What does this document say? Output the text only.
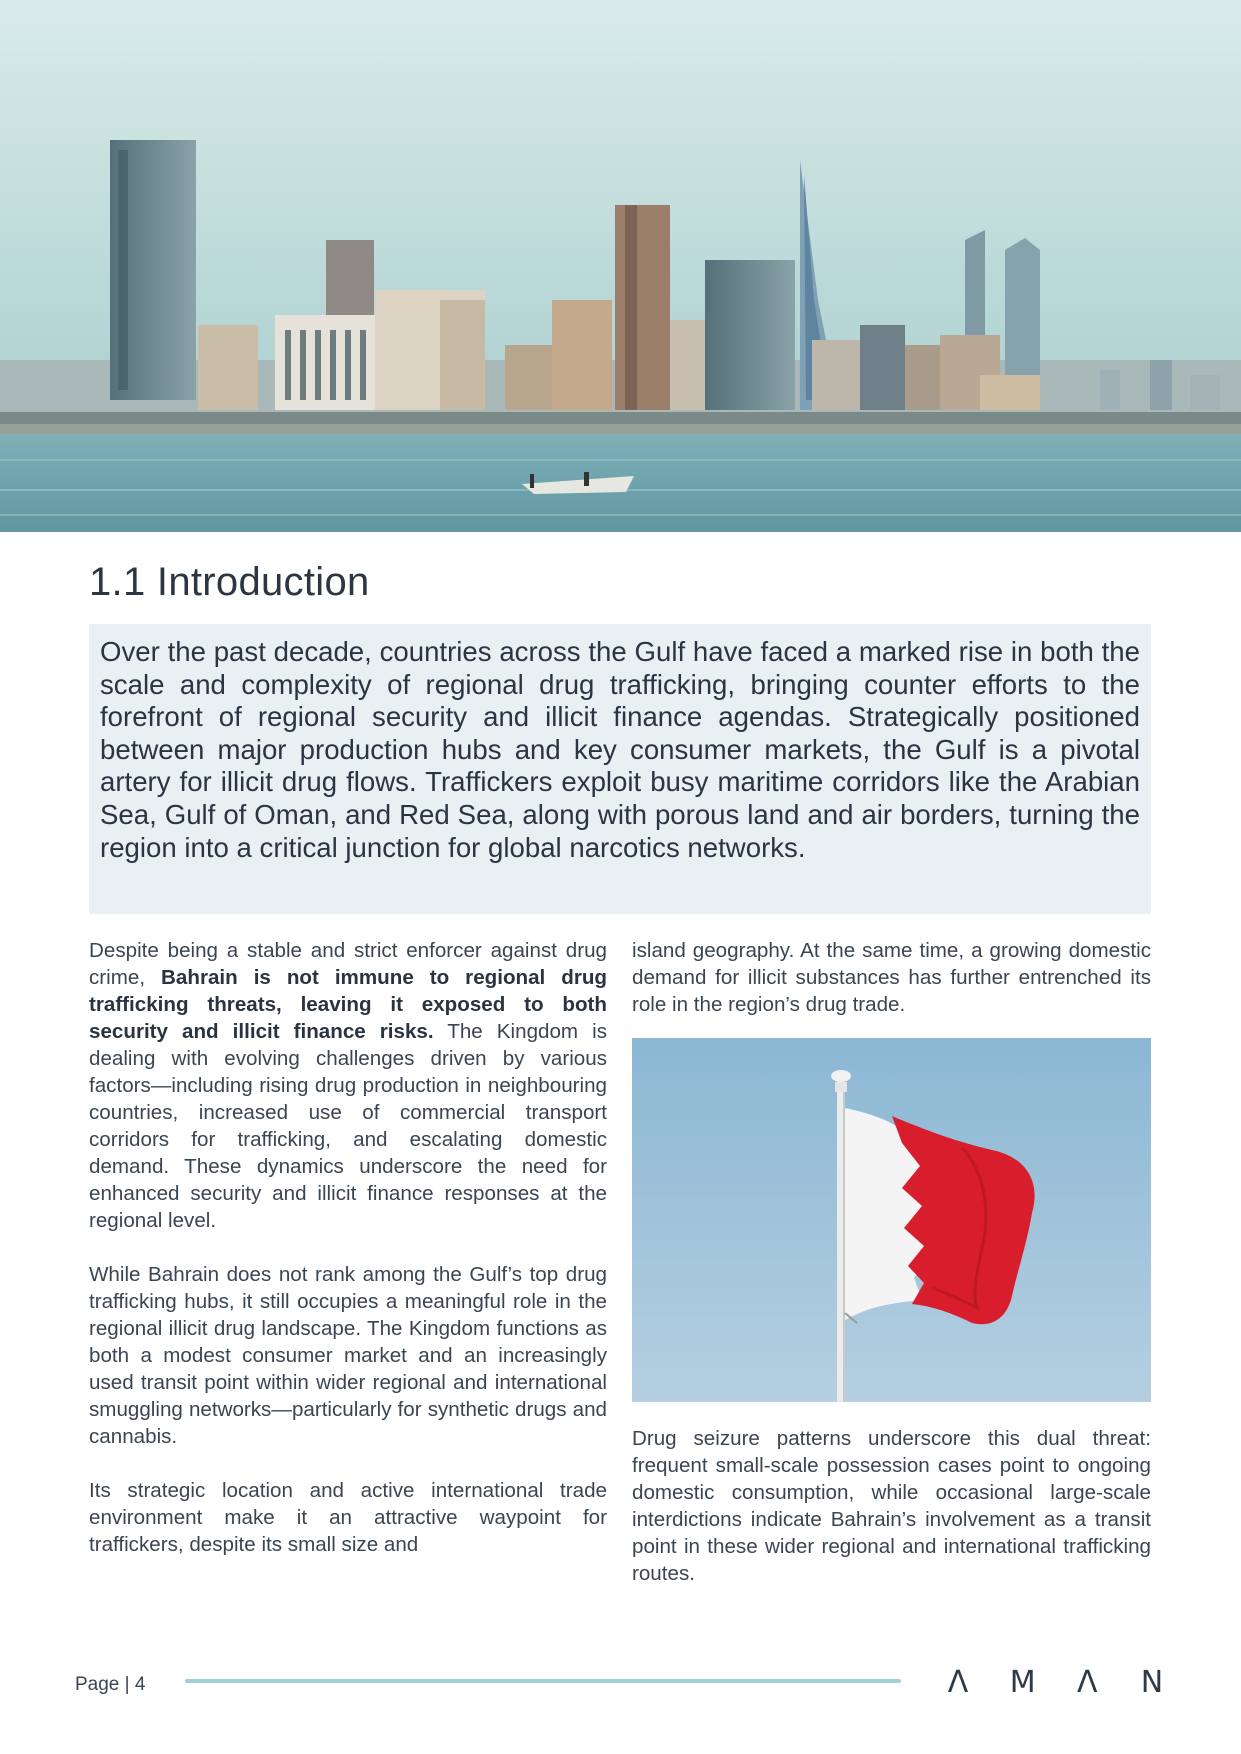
1.1 Introduction

Over the past decade, countries across the Gulf have faced a marked rise in both the scale and complexity of regional drug trafficking, bringing counter efforts to the forefront of regional security and illicit finance agendas. Strategically positioned between major production hubs and key consumer markets, the Gulf is a pivotal artery for illicit drug flows. Traffickers exploit busy maritime corridors like the Arabian Sea, Gulf of Oman, and Red Sea, along with porous land and air borders, turning the region into a critical junction for global narcotics networks.

Despite being a stable and strict enforcer against drug crime, Bahrain is not immune to regional drug trafficking threats, leaving it exposed to both security and illicit finance risks. The Kingdom is dealing with evolving challenges driven by various factors—including rising drug production in neighbouring countries, increased use of commercial transport corridors for trafficking, and escalating domestic demand. These dynamics underscore the need for enhanced security and illicit finance responses at the regional level.

While Bahrain does not rank among the Gulf’s top drug trafficking hubs, it still occupies a meaningful role in the regional illicit drug landscape. The Kingdom functions as both a modest consumer market and an increasingly used transit point within wider regional and international smuggling networks—particularly for synthetic drugs and cannabis.

Its strategic location and active international trade environment make it an attractive waypoint for traffickers, despite its small size and

island geography. At the same time, a growing domestic demand for illicit substances has further entrenched its role in the region’s drug trade.

Drug seizure patterns underscore this dual threat: frequent small-scale possession cases point to ongoing domestic consumption, while occasional large-scale interdictions indicate Bahrain’s involvement as a transit point in these wider regional and international trafficking routes.

Page | 4	Λ M Λ N
